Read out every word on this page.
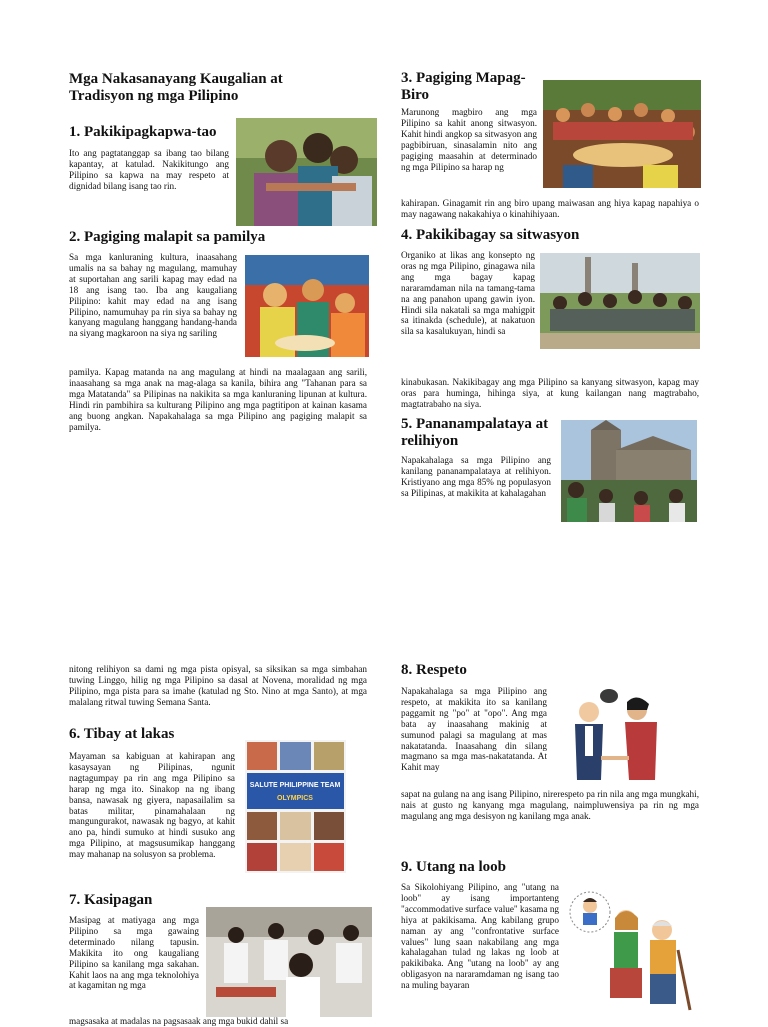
Mga Nakasanayang Kaugalian at Tradisyon ng mga Pilipino
1. Pakikipagkapwa-tao

Ito ang pagtatanggap sa ibang tao bilang kapantay, at katulad. Nakikitungo ang Pilipino sa kapwa na may respeto at dignidad bilang isang tao rin.

2. Pagiging malapit sa pamilya

Sa mga kanluraning kultura, inaasahang umalis na sa bahay ng magulang, mamuhay at suportahan ang sarili kapag may edad na 18 ang isang tao. Iba ang kaugaliang Pilipino: kahit may edad na ang isang Pilipino, namumuhay pa rin siya sa bahay ng kanyang magulang hanggang handang-handa na siyang magkaroon na siya ng sariling

pamilya. Kapag matanda na ang magulang at hindi na maalagaan ang sarili, inaasahang sa mga anak na mag-alaga sa kanila, bihira ang "Tahanan para sa mga Matatanda" sa Pilipinas na nakikita sa mga kanluraning lipunan at kultura. Hindi rin pambihira sa kulturang Pilipino ang mga pagtitipon at kainan kasama ang buong angkan. Napakahalaga sa mga Pilipino ang pagiging malapit sa pamilya.

nitong relihiyon sa dami ng mga pista opisyal, sa siksikan sa mga simbahan tuwing Linggo, hilig ng mga Pilipino sa dasal at Novena, moralidad ng mga Pilipino, mga pista para sa imahe (katulad ng Sto. Nino at mga Santo), at mga malalang ritwal tuwing Semana Santa.

6. Tibay at lakas

Mayaman sa kabiguan at kahirapan ang kasaysayan ng Pilipinas, ngunit nagtagumpay pa rin ang mga Pilipino sa harap ng mga ito. Sinakop na ng ibang bansa, nawasak ng giyera, napasailalim sa batas militar, pinamahalaan ng mangungurakot, nawasak ng bagyo, at kahit ano pa, hindi sumuko at hindi susuko ang mga Pilipino, at magsusumikap hanggang may mahanap na solusyon sa problema.

SALUTE PHILIPPINE TEAM
OLYMPICS
7. Kasipagan

Masipag at matiyaga ang mga Pilipino sa mga gawaing determinado nilang tapusin. Makikita ito ong kaugaliang Pilipino sa kanilang mga sakahan. Kahit laos na ang mga teknolohiya at kagamitan ng mga

magsasaka at madalas na pagsasaak ang mga bukid dahil sa

3. Pagiging Mapag-Biro

Marunong magbiro ang mga Pilipino sa kahit anong sitwasyon. Kahit hindi angkop sa sitwasyon ang pagbibiruan, sinasalamin nito ang pagiging maasahin at determinado ng mga Pilipino sa harap ng

kahirapan. Ginagamit rin ang biro upang maiwasan ang hiya kapag napahiya o may nagawang nakakahiya o kinahihiyaan.

4. Pakikibagay sa sitwasyon

Organiko at likas ang konsepto ng oras ng mga Pilipino, ginagawa nila ang mga bagay kapag nararamdaman nila na tamang-tama na ang panahon upang gawin iyon. Hindi sila nakatali sa mga mahigpit sa itinakda (schedule), at nakatuon sila sa kasalukuyan, hindi sa

kinabukasan. Nakikibagay ang mga Pilipino sa kanyang sitwasyon, kapag may oras para huminga, hihinga siya, at kung kailangan nang magtrabaho, magtatrabaho na siya.

5. Pananampalataya at relihiyon

Napakahalaga sa mga Pilipino ang kanilang pananampalataya at relihiyon. Kristiyano ang mga 85% ng populasyon sa Pilipinas, at makikita at kahalagahan

8. Respeto

Napakahalaga sa mga Pilipino ang respeto, at makikita ito sa kanilang paggamit ng "po" at "opo". Ang mga bata ay inaasahang makinig at sumunod palagi sa magulang at mas nakatatanda. Inaasahang din silang magmano sa mga mas-nakatatanda. At Kahit may

sapat na gulang na ang isang Pilipino, nirerespeto pa rin nila ang mga mungkahi, nais at gusto ng kanyang mga magulang, naimpluwensiya pa rin ng mga magulang ang mga desisyon ng kanilang mga anak.

9. Utang na loob

Sa Sikolohiyang Pilipino, ang "utang na loob" ay isang importanteng "accommodative surface value" kasama ng hiya at pakikisama. Ang kabilang grupo naman ay ang "confrontative surface values" lung saan nakabilang ang mga kahalagahan tulad ng lakas ng loob at pakikibaka. Ang "utang na loob" ay ang obligasyon na nararamdaman ng isang tao na muling bayaran
